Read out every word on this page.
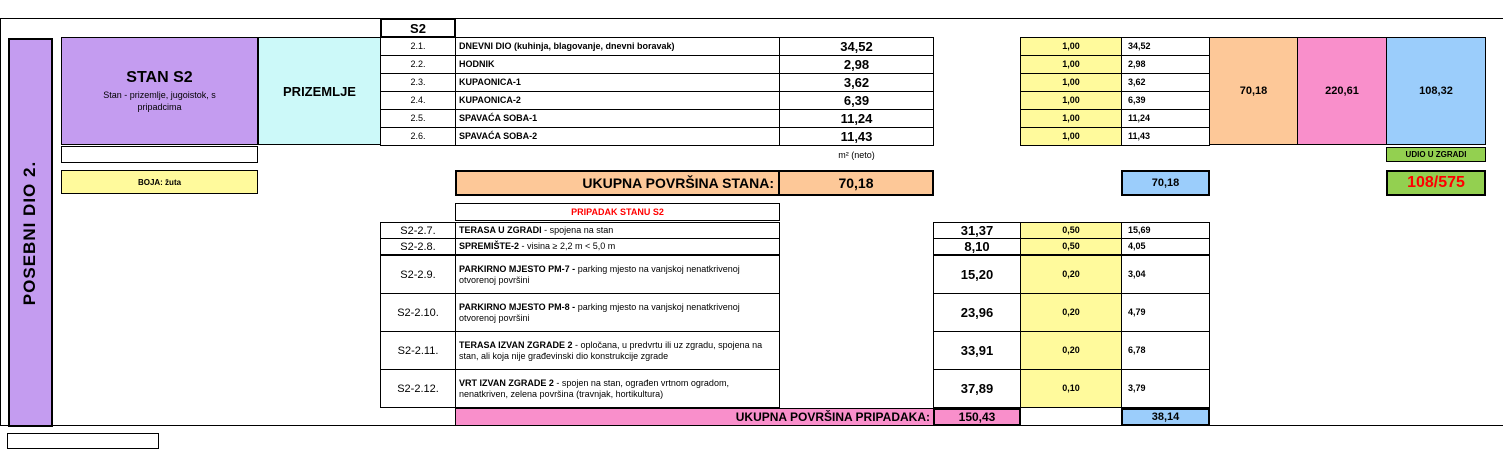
POSEBNI DIO 2.
S2
STAN S2
Stan - prizemlje, jugoistok, s pripadcima
PRIZEMLJE
2.1.	DNEVNI DIO (kuhinja, blagovanje, dnevni boravak)	34,52	1,00	34,52
2.2.	HODNIK	2,98	1,00	2,98
2.3.	KUPAONICA-1	3,62	1,00	3,62
2.4.	KUPAONICA-2	6,39	1,00	6,39
2.5.	SPAVAĆA SOBA-1	11,24	1,00	11,24
2.6.	SPAVAĆA SOBA-2	11,43	1,00	11,43
70,18	220,61	108,32
m² (neto)	UDIO U ZGRADI
BOJA: žuta	UKUPNA POVRŠINA STANA:	70,18	70,18	108/575
PRIPADAK STANU S2
S2-2.7.	TERASA U ZGRADI - spojena na stan	31,37	0,50	15,69
S2-2.8.	SPREMIŠTE-2 - visina ≥ 2,2 m < 5,0 m	8,10	0,50	4,05
S2-2.9.	PARKIRNO MJESTO PM-7 - parking mjesto na vanjskoj nenatkrivenoj otvorenoj površini	15,20	0,20	3,04
S2-2.10.	PARKIRNO MJESTO PM-8 - parking mjesto na vanjskoj nenatkrivenoj otvorenoj površini	23,96	0,20	4,79
S2-2.11.	TERASA IZVAN ZGRADE 2 - opločana, u predvrtu ili uz zgradu, spojena na stan, ali koja nije građevinski dio konstrukcije zgrade	33,91	0,20	6,78
S2-2.12.	VRT IZVAN ZGRADE 2 - spojen na stan, ograđen vrtnom ogradom, nenatkriven, zelena površina (travnjak, hortikultura)	37,89	0,10	3,79
UKUPNA POVRŠINA PRIPADAKA:	150,43	38,14
